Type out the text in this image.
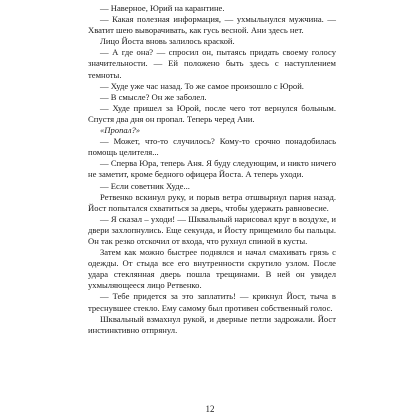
— Наверное, Юрий на карантине.

— Какая полезная информация, — ухмыльнулся мужчина. — Хватит шею выворачивать, как гусь весной. Ани здесь нет.

Лицо Йоста вновь залилось краской.

— А где она? — спросил он, пытаясь придать своему голосу значительности. — Ей положено быть здесь с наступлением темноты.

— Худе уже час назад. То же самое произошло с Юрой.

— В смысле? Он же заболел.

— Худе пришел за Юрой, после чего тот вернулся больным. Спустя два дня он пропал. Теперь черед Ани.

«Пропал?»

— Может, что-то случилось? Кому-то срочно понадобилась помощь целителя...

— Сперва Юра, теперь Аня. Я буду следующим, и никто ничего не заметит, кроме бедного офицера Йоста. А теперь уходи.

— Если советник Худе...

Ретвенко вскинул руку, и порыв ветра отшвырнул парня назад. Йост попытался схватиться за дверь, чтобы удержать равновесие.

— Я сказал – уходи! — Шквальный нарисовал круг в воздухе, и двери захлопнулись. Еще секунда, и Йосту прищемило бы пальцы. Он так резко отскочил от входа, что рухнул спиной в кусты.

Затем как можно быстрее поднялся и начал смахивать грязь с одежды. От стыда все его внутренности скрутило узлом. После удара стеклянная дверь пошла трещинами. В ней он увидел ухмыляющееся лицо Ретвенко.

— Тебе придется за это заплатить! — крикнул Йост, тыча в треснувшее стекло. Ему самому был противен собственный голос.

Шквальный взмахнул рукой, и дверные петли задрожали. Йост инстинктивно отпрянул.

12
